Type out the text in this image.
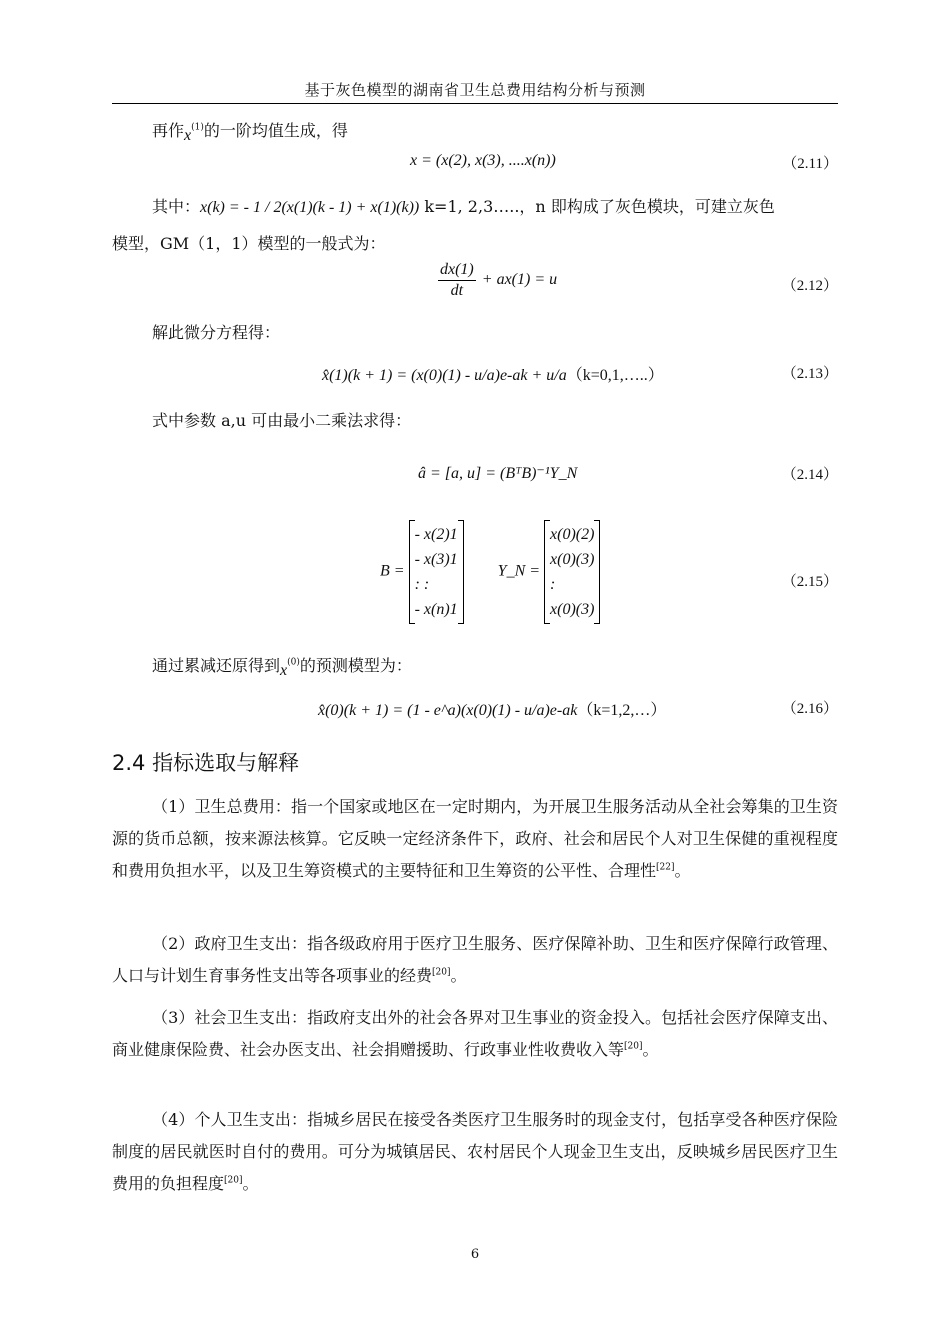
基于灰色模型的湖南省卫生总费用结构分析与预测
再作$x^{(1)}$的一阶均值生成，得
x = (x(2), x(3), ....x(n))	（2.11）
其中：x(k) = - 1 / 2(x(1)(k - 1) + x(1)(k)) k=1, 2,3…..，n 即构成了灰色模块，可建立灰色
模型，GM（1，1）模型的一般式为：
$\frac{dx(1)}{dt} + ax(1) = u$	（2.12）
解此微分方程得：
x̂(1)(k + 1) = (x(0)(1) - u/a)e-ak + u/a（k=0,1,…..）	（2.13）
式中参数 a,u 可由最小二乘法求得：
â = [a, u] = (BᵀB)⁻¹Y_N	（2.14）
B =
- x(2)1
- x(3)1
: :
- x(n)1
Y_N =
x(0)(2)
x(0)(3)
:
x(0)(3)
（2.15）
通过累减还原得到$x^{(0)}$的预测模型为：
x̂(0)(k + 1) = (1 - e^a)(x(0)(1) - u/a)e-ak（k=1,2,…）	（2.16）
2.4 指标选取与解释
（1）卫生总费用：指一个国家或地区在一定时期内，为开展卫生服务活动从全社会筹集的卫生资源的货币总额，按来源法核算。它反映一定经济条件下，政府、社会和居民个人对卫生保健的重视程度和费用负担水平，以及卫生筹资模式的主要特征和卫生筹资的公平性、合理性[22]。
（2）政府卫生支出：指各级政府用于医疗卫生服务、医疗保障补助、卫生和医疗保障行政管理、人口与计划生育事务性支出等各项事业的经费[20]。
（3）社会卫生支出：指政府支出外的社会各界对卫生事业的资金投入。包括社会医疗保障支出、商业健康保险费、社会办医支出、社会捐赠援助、行政事业性收费收入等[20]。
（4）个人卫生支出：指城乡居民在接受各类医疗卫生服务时的现金支付，包括享受各种医疗保险制度的居民就医时自付的费用。可分为城镇居民、农村居民个人现金卫生支出，反映城乡居民医疗卫生费用的负担程度[20]。
6
